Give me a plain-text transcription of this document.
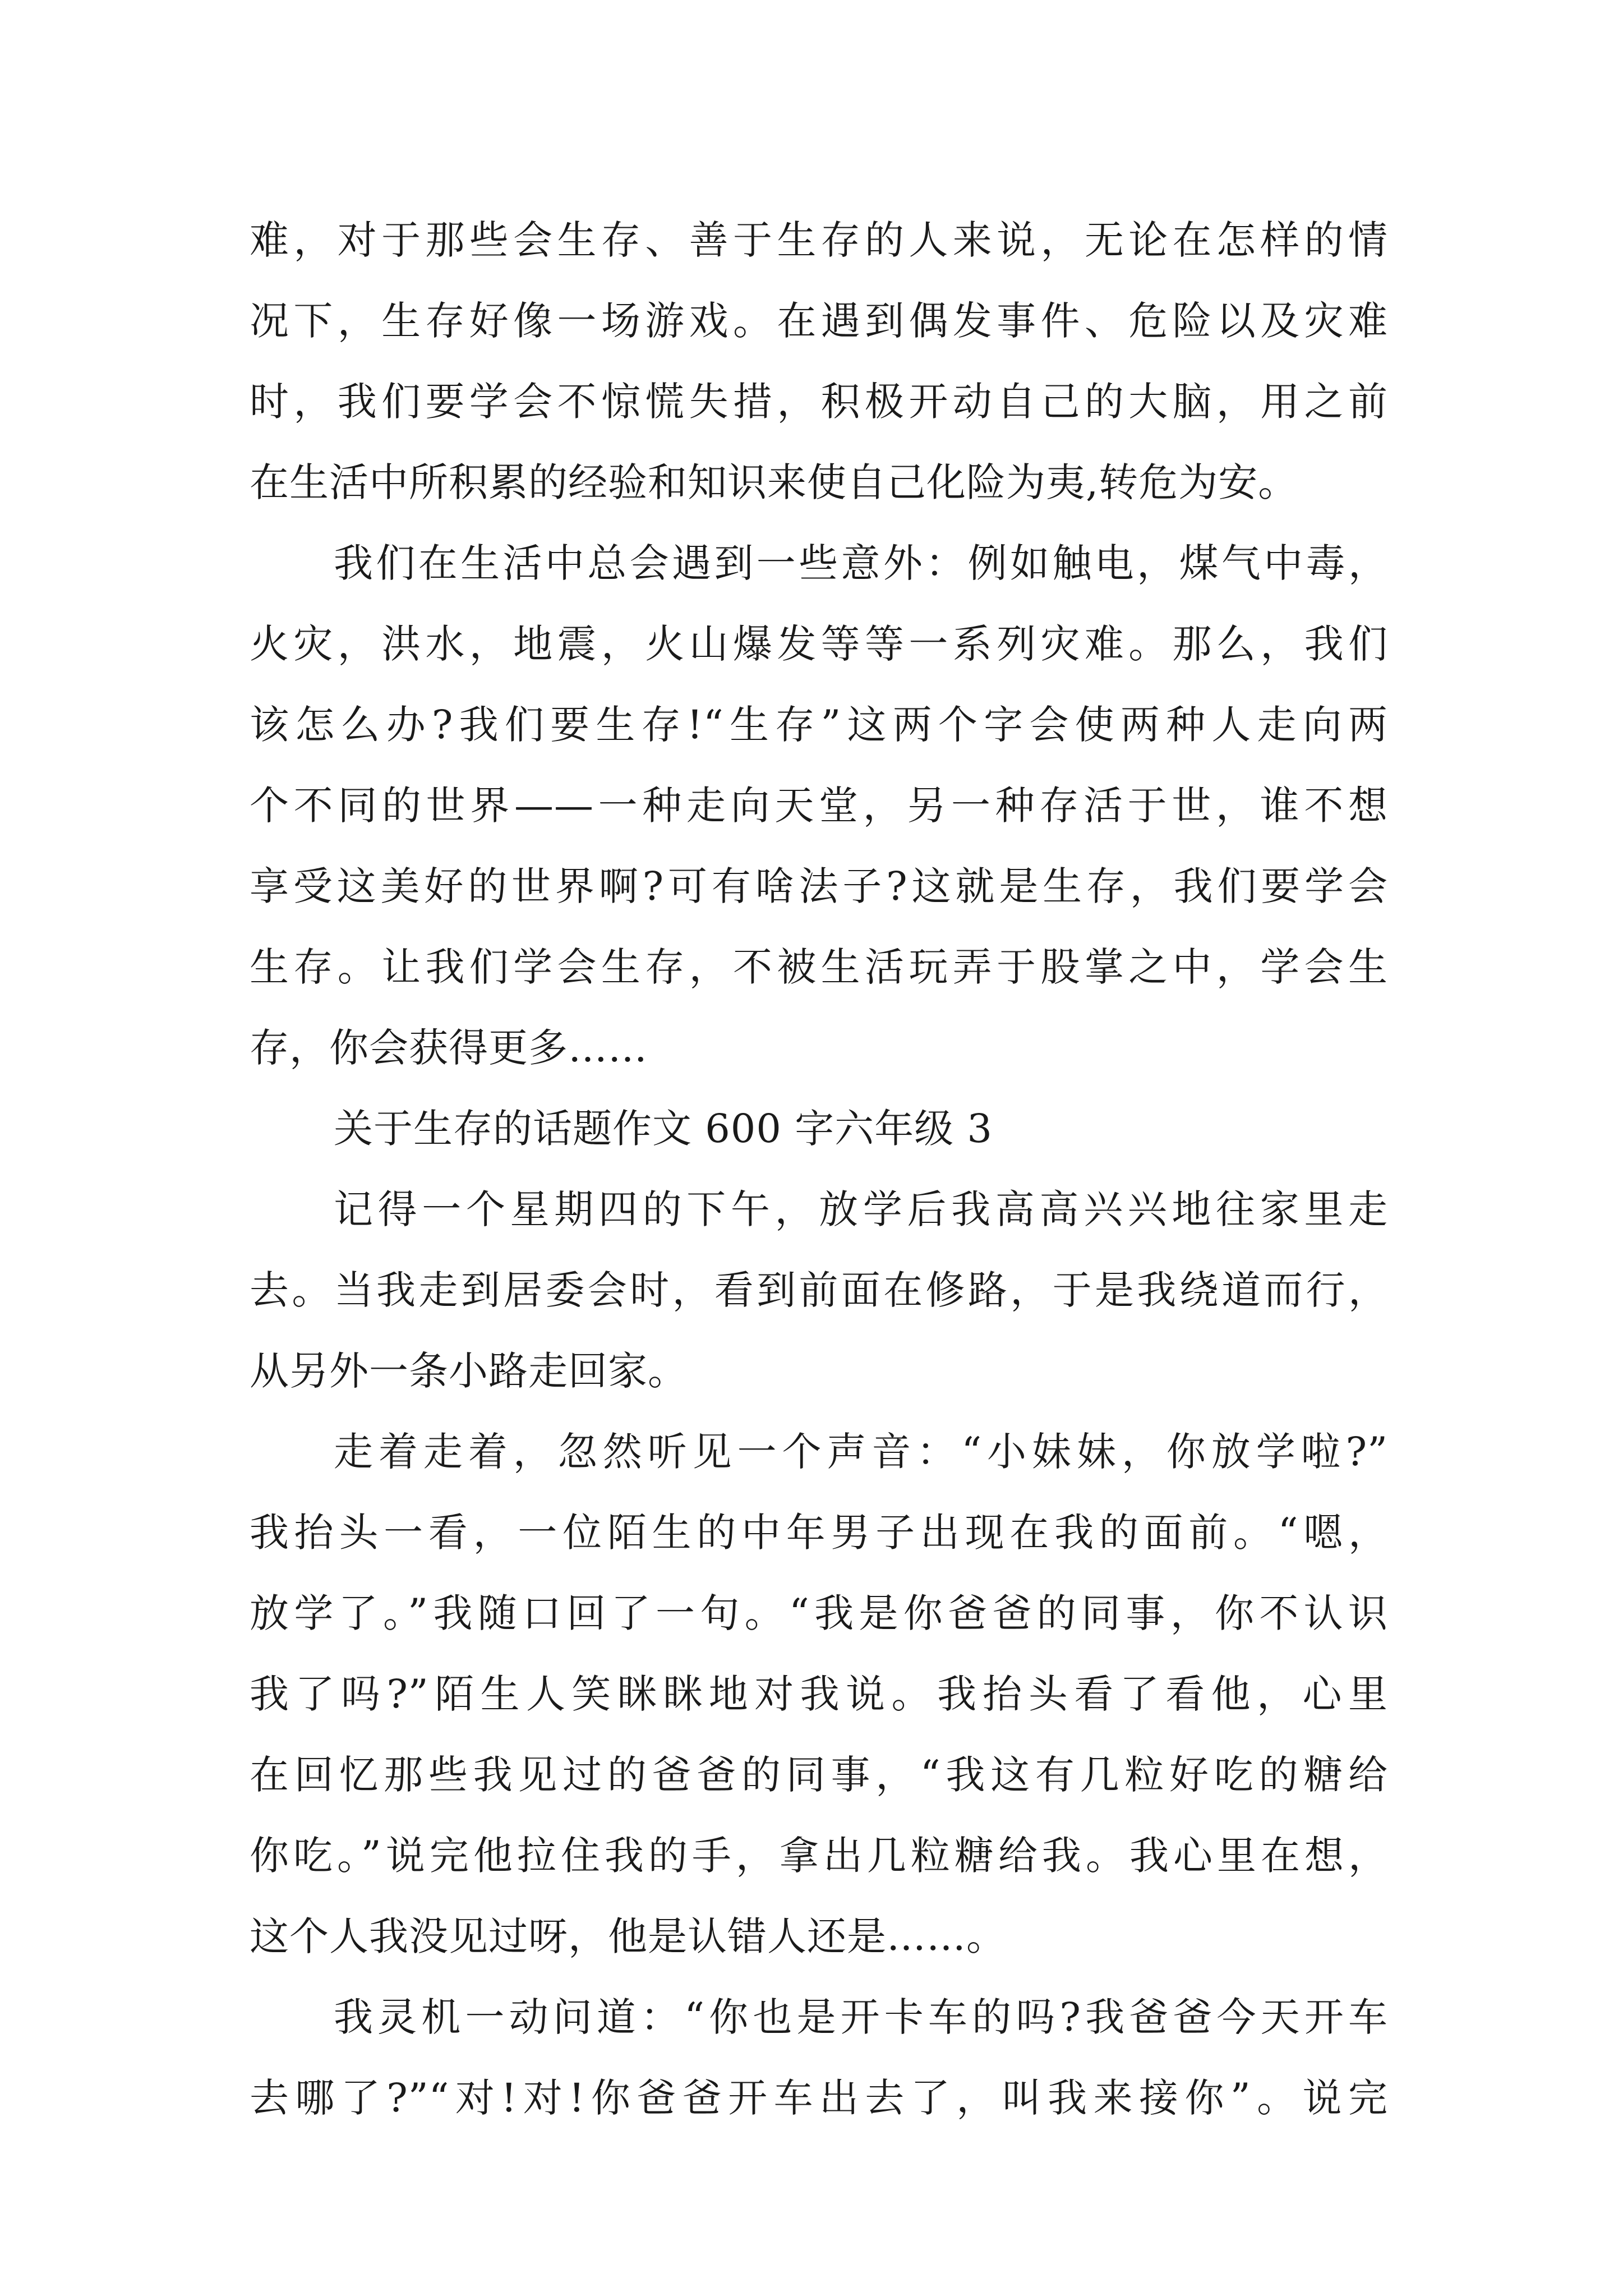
难，对于那些会生存、善于生存的人来说，无论在怎样的情
况下，生存好像一场游戏。在遇到偶发事件、危险以及灾难
时，我们要学会不惊慌失措，积极开动自己的大脑，用之前
在生活中所积累的经验和知识来使自己化险为夷,转危为安。
我们在生活中总会遇到一些意外：例如触电，煤气中毒，
火灾，洪水，地震，火山爆发等等一系列灾难。那么，我们
该怎么办?我们要生存!“生存”这两个字会使两种人走向两
个不同的世界——一种走向天堂，另一种存活于世，谁不想
享受这美好的世界啊?可有啥法子?这就是生存，我们要学会
生存。让我们学会生存，不被生活玩弄于股掌之中，学会生
存，你会获得更多……
关于生存的话题作文 600 字六年级 3
记得一个星期四的下午，放学后我高高兴兴地往家里走
去。当我走到居委会时，看到前面在修路，于是我绕道而行，
从另外一条小路走回家。
走着走着，忽然听见一个声音：“小妹妹，你放学啦?”
我抬头一看，一位陌生的中年男子出现在我的面前。“嗯，
放学了。”我随口回了一句。“我是你爸爸的同事，你不认识
我了吗?”陌生人笑眯眯地对我说。我抬头看了看他，心里
在回忆那些我见过的爸爸的同事，“我这有几粒好吃的糖给
你吃。”说完他拉住我的手，拿出几粒糖给我。我心里在想，
这个人我没见过呀，他是认错人还是……。
我灵机一动问道：“你也是开卡车的吗?我爸爸今天开车
去哪了?”“对!对!你爸爸开车出去了，叫我来接你”。说完
